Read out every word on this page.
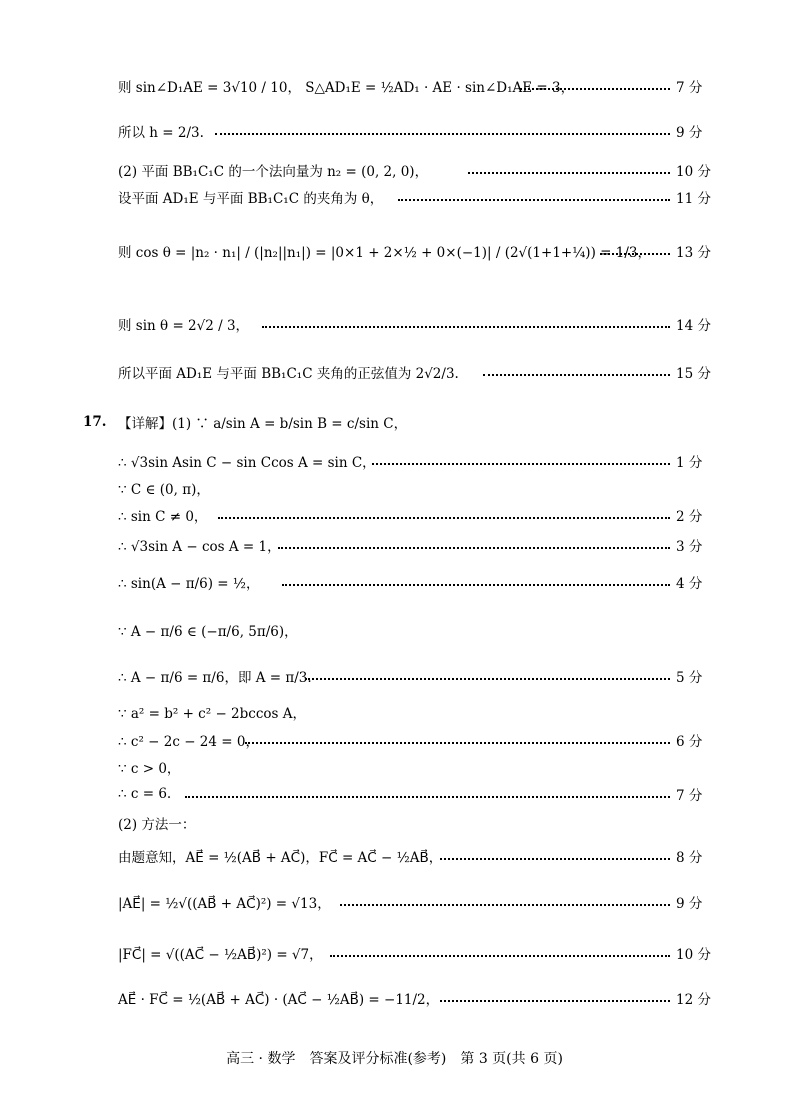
则 sin∠D₁AE = 3√10 / 10， S△AD₁E = ½AD₁ · AE · sin∠D₁AE = 3，	7 分
所以 h = 2/3.	9 分
(2) 平面 BB₁C₁C 的一个法向量为 n₂ = (0, 2, 0)，	10 分
设平面 AD₁E 与平面 BB₁C₁C 的夹角为 θ，	11 分
则 cos θ = |n₂ · n₁| / (|n₂||n₁|) = |0×1 + 2×½ + 0×(−1)| / (2√(1+1+¼)) = 1/3， 13 分
则 sin θ = 2√2 / 3，	14 分
所以平面 AD₁E 与平面 BB₁C₁C 夹角的正弦值为 2√2/3.	15 分
17. 【详解】(1) ∵ a/sin A = b/sin B = c/sin C，
∴ √3sin Asin C − sin Ccos A = sin C，	1 分
∵ C ∈ (0, π)，
∴ sin C ≠ 0，	2 分
∴ √3sin A − cos A = 1，	3 分
∴ sin(A − π/6) = ½，	4 分
∵ A − π/6 ∈ (−π/6, 5π/6)，
∴ A − π/6 = π/6，即 A = π/3.	5 分
∵ a² = b² + c² − 2bccos A，
∴ c² − 2c − 24 = 0，	6 分
∵ c > 0，
∴ c = 6.	7 分
(2) 方法一：
由题意知，AE⃗ = ½(AB⃗ + AC⃗)，FC⃗ = AC⃗ − ½AB⃗，	8 分
|AE⃗| = ½√((AB⃗ + AC⃗)²) = √13，	9 分
|FC⃗| = √((AC⃗ − ½AB⃗)²) = √7，	10 分
AE⃗ · FC⃗ = ½(AB⃗ + AC⃗) · (AC⃗ − ½AB⃗) = −11/2，	12 分
高三 · 数学　答案及评分标准(参考)　第 3 页(共 6 页)
